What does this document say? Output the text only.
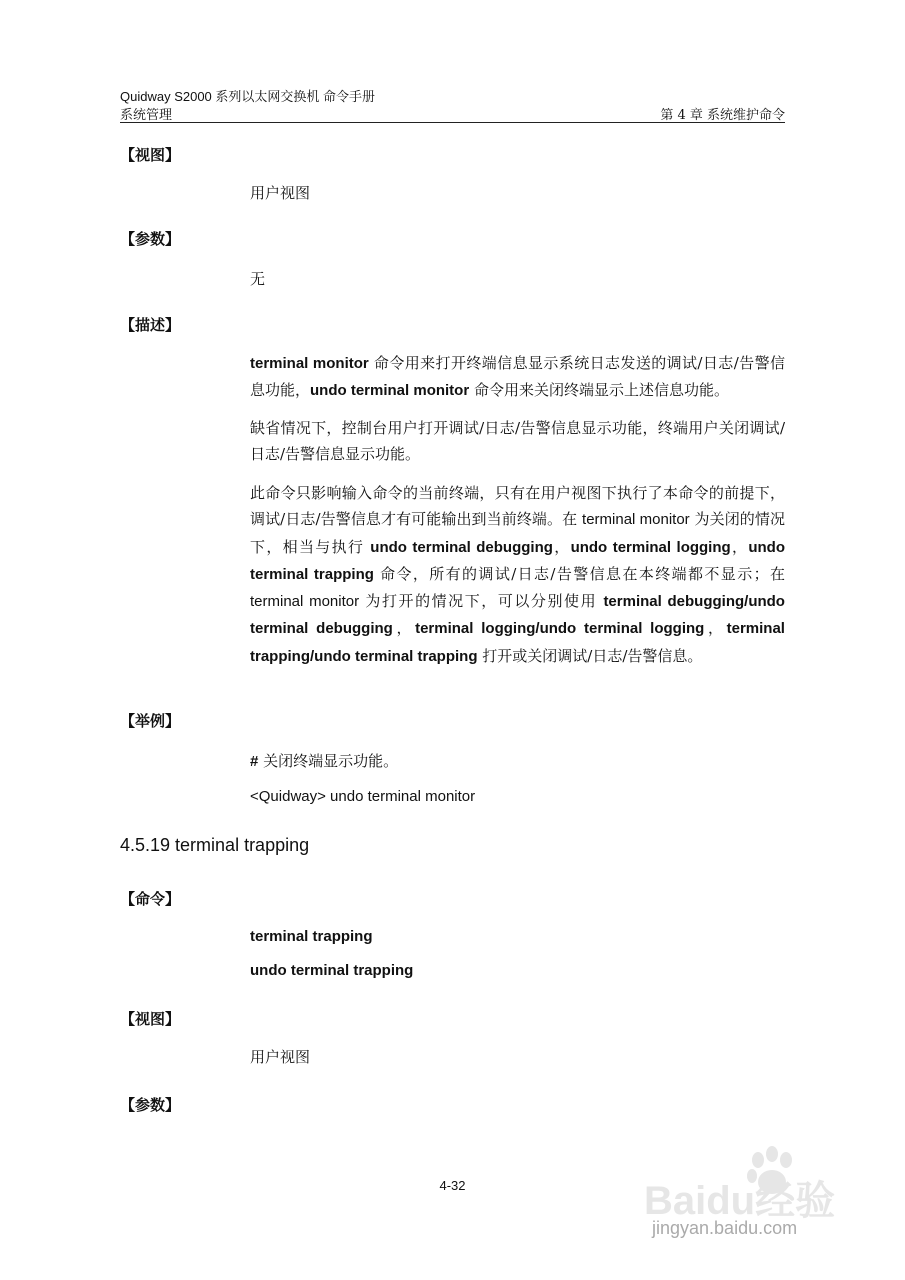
Quidway S2000 系列以太网交换机 命令手册
系统管理	第 4 章 系统维护命令
【视图】
用户视图
【参数】
无
【描述】
terminal monitor 命令用来打开终端信息显示系统日志发送的调试/日志/告警信息功能，undo terminal monitor 命令用来关闭终端显示上述信息功能。
缺省情况下，控制台用户打开调试/日志/告警信息显示功能，终端用户关闭调试/日志/告警信息显示功能。
此命令只影响输入命令的当前终端，只有在用户视图下执行了本命令的前提下，调试/日志/告警信息才有可能输出到当前终端。在 terminal monitor 为关闭的情况下，相当与执行 undo terminal debugging，undo terminal logging，undo terminal trapping 命令，所有的调试/日志/告警信息在本终端都不显示；在 terminal monitor 为打开的情况下，可以分别使用 terminal debugging/undo terminal debugging，terminal logging/undo terminal logging，terminal trapping/undo terminal trapping 打开或关闭调试/日志/告警信息。
【举例】
# 关闭终端显示功能。
<Quidway> undo terminal monitor
4.5.19 terminal trapping
【命令】
terminal trapping
undo terminal trapping
【视图】
用户视图
【参数】
4-32	Baidu经验
jingyan.baidu.com
